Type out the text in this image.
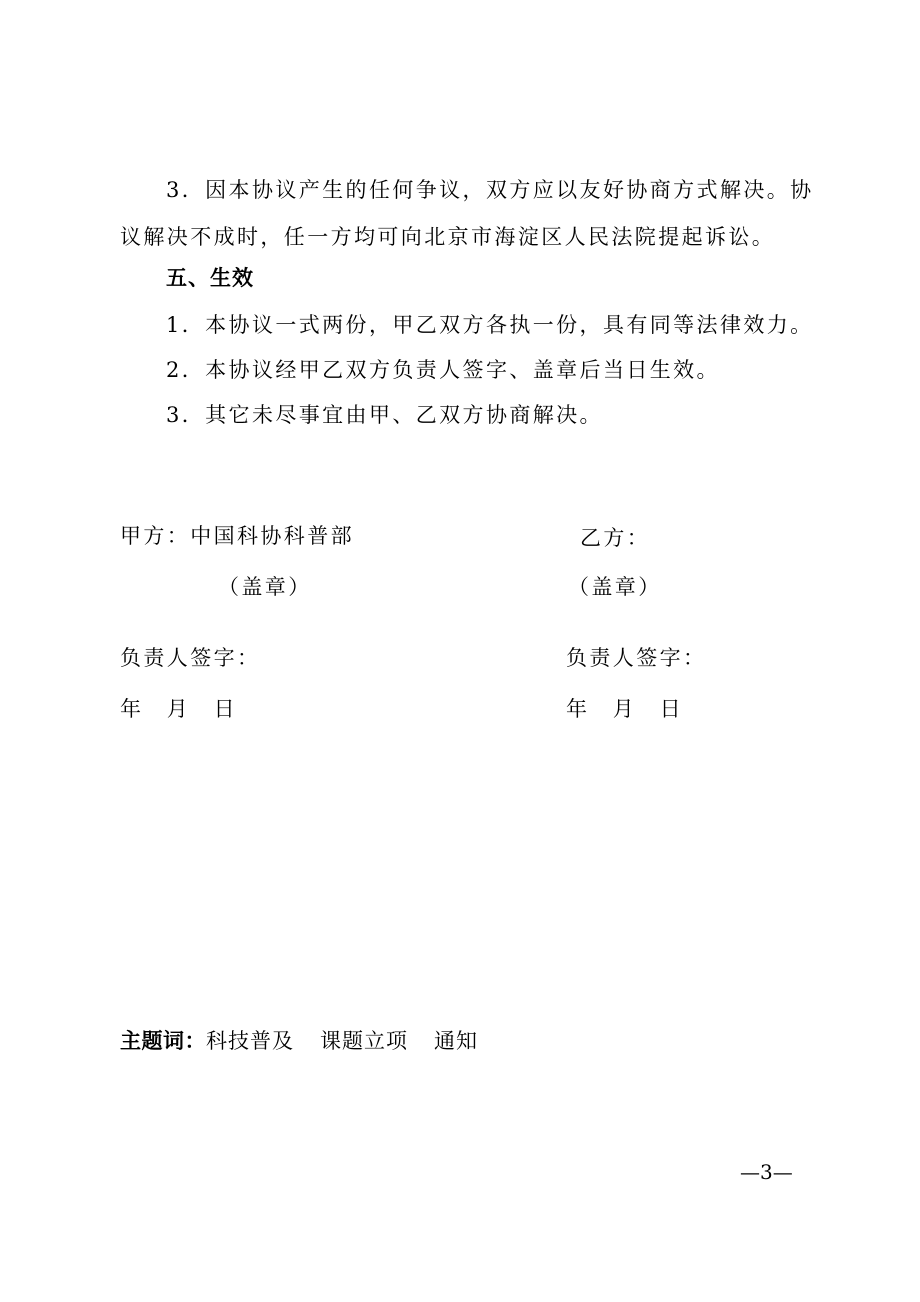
3．因本协议产生的任何争议，双方应以友好协商方式解决。协
议解决不成时，任一方均可向北京市海淀区人民法院提起诉讼。
五、生效
1．本协议一式两份，甲乙双方各执一份，具有同等法律效力。
2．本协议经甲乙双方负责人签字、盖章后当日生效。
3．其它未尽事宜由甲、乙双方协商解决。
甲方：中国科协科普部	乙方：
（盖章）	（盖章）
负责人签字：	负责人签字：
年　月　日	年　月　日
主题词：科技普及 课题立项 通知
—3—
